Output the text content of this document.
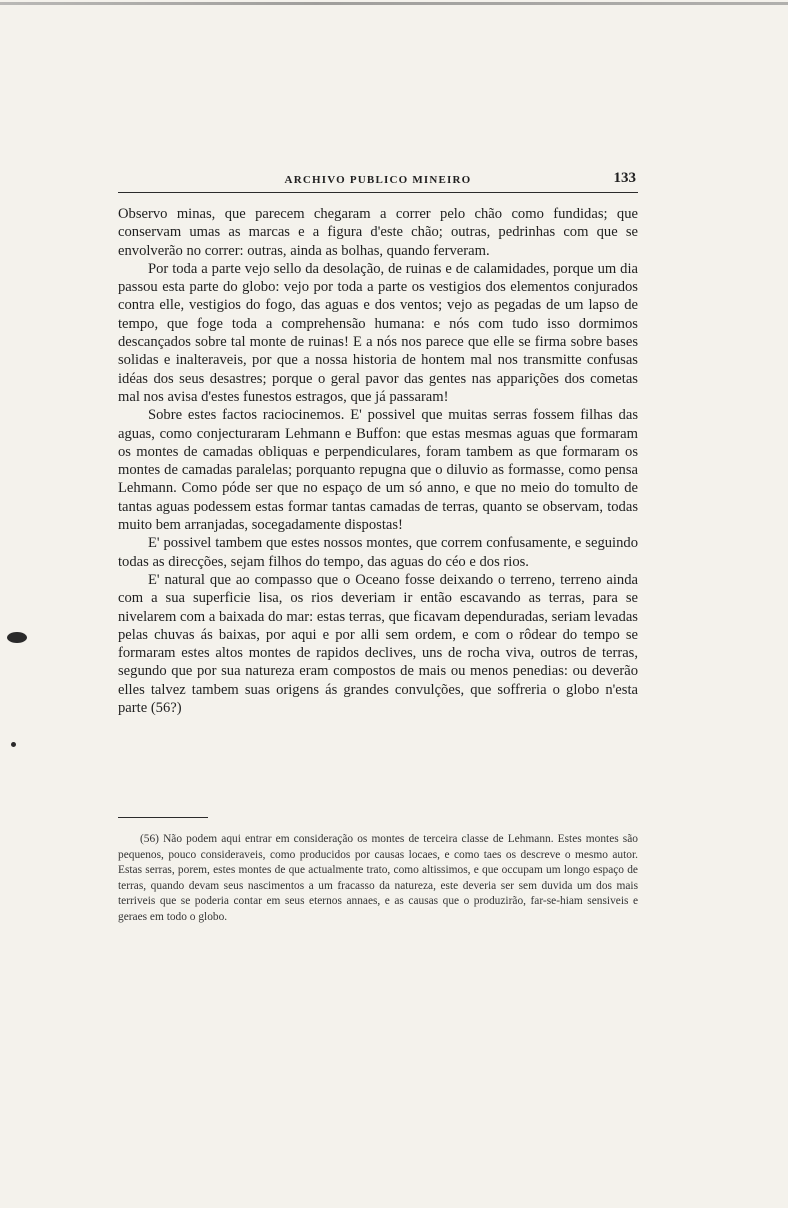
ARCHIVO PUBLICO MINEIRO	133

Observo minas, que parecem chegaram a correr pelo chão como fundidas; que conservam umas as marcas e a figura d'este chão; outras, pedrinhas com que se envolverão no correr: outras, ainda as bolhas, quando ferveram.

Por toda a parte vejo sello da desolação, de ruinas e de calamidades, porque um dia passou esta parte do globo: vejo por toda a parte os vestigios dos elementos conjurados contra elle, vestigios do fogo, das aguas e dos ventos; vejo as pegadas de um lapso de tempo, que foge toda a comprehensão humana: e nós com tudo isso dormimos descançados sobre tal monte de ruinas! E a nós nos parece que elle se firma sobre bases solidas e inalteraveis, por que a nossa historia de hontem mal nos transmitte confusas idéas dos seus desastres; porque o geral pavor das gentes nas apparições dos cometas mal nos avisa d'estes funestos estragos, que já passaram!

Sobre estes factos raciocinemos. E' possivel que muitas serras fossem filhas das aguas, como conjecturaram Lehmann e Buffon: que estas mesmas aguas que formaram os montes de camadas obliquas e perpendiculares, foram tambem as que formaram os montes de camadas paralelas; porquanto repugna que o diluvio as formasse, como pensa Lehmann. Como póde ser que no espaço de um só anno, e que no meio do tomulto de tantas aguas podessem estas formar tantas camadas de terras, quanto se observam, todas muito bem arranjadas, socegadamente dispostas!

E' possivel tambem que estes nossos montes, que correm confusamente, e seguindo todas as direcções, sejam filhos do tempo, das aguas do céo e dos rios.

E' natural que ao compasso que o Oceano fosse deixando o terreno, terreno ainda com a sua superficie lisa, os rios deveriam ir então escavando as terras, para se nivelarem com a baixada do mar: estas terras, que ficavam dependuradas, seriam levadas pelas chuvas ás baixas, por aqui e por alli sem ordem, e com o rôdear do tempo se formaram estes altos montes de rapidos declives, uns de rocha viva, outros de terras, segundo que por sua natureza eram compostos de mais ou menos penedias: ou deverão elles talvez tambem suas origens ás grandes convulções, que soffreria o globo n'esta parte (56?)

(56) Não podem aqui entrar em consideração os montes de terceira classe de Lehmann. Estes montes são pequenos, pouco consideraveis, como producidos por causas locaes, e como taes os descreve o mesmo autor. Estas serras, porem, estes montes de que actualmente trato, como altissimos, e que occupam um longo espaço de terras, quando devam seus nascimentos a um fracasso da natureza, este deveria ser sem duvida um dos mais terriveis que se poderia contar em seus eternos annaes, e as causas que o produzirão, far-se-hiam sensiveis e geraes em todo o globo.
